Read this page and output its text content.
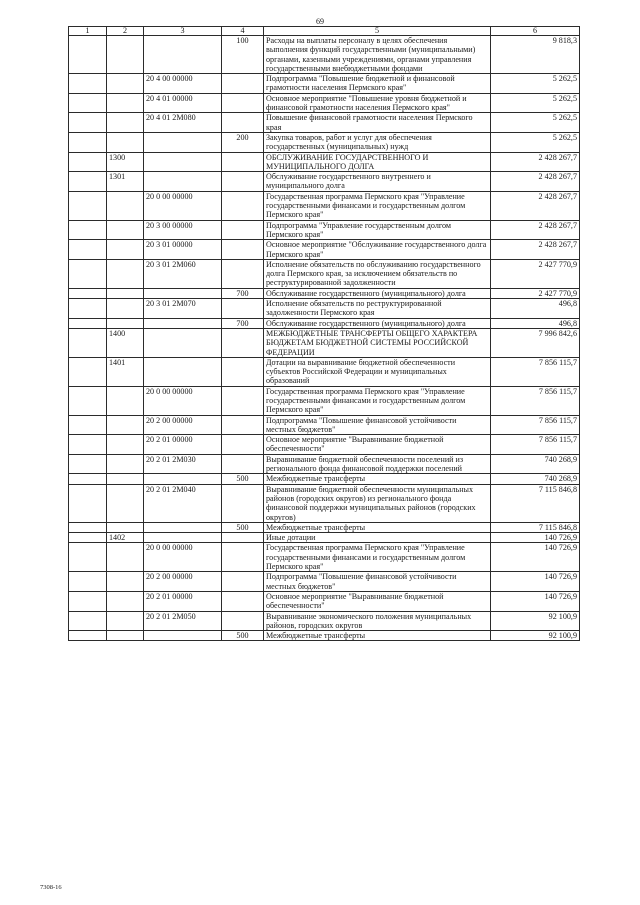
69
1	2	3	4	5	6
			100	Расходы на выплаты персоналу в целях обеспечения выполнения функций государственными (муниципальными) органами, казенными учреждениями, органами управления государственными внебюджетными фондами	9 818,3
		20 4 00 00000		Подпрограмма "Повышение бюджетной и финансовой грамотности населения Пермского края"	5 262,5
		20 4 01 00000		Основное мероприятие "Повышение уровня бюджетной и финансовой грамотности населения Пермского края"	5 262,5
		20 4 01 2М080		Повышение финансовой грамотности населения Пермского края	5 262,5
			200	Закупка товаров, работ и услуг для обеспечения государственных (муниципальных) нужд	5 262,5
	1300			ОБСЛУЖИВАНИЕ ГОСУДАРСТВЕННОГО И МУНИЦИПАЛЬНОГО ДОЛГА	2 428 267,7
	1301			Обслуживание государственного внутреннего и муниципального долга	2 428 267,7
		20 0 00 00000		Государственная программа Пермского края "Управление государственными финансами и государственным долгом Пермского края"	2 428 267,7
		20 3 00 00000		Подпрограмма "Управление государственным долгом Пермского края"	2 428 267,7
		20 3 01 00000		Основное мероприятие "Обслуживание государственного долга Пермского края"	2 428 267,7
		20 3 01 2М060		Исполнение обязательств по обслуживанию государственного долга Пермского края, за исключением обязательств по реструктурированной задолженности	2 427 770,9
			700	Обслуживание государственного (муниципального) долга	2 427 770,9
		20 3 01 2М070		Исполнение обязательств по реструктурированной задолженности Пермского края	496,8
			700	Обслуживание государственного (муниципального) долга	496,8
	1400			МЕЖБЮДЖЕТНЫЕ ТРАНСФЕРТЫ ОБЩЕГО ХАРАКТЕРА БЮДЖЕТАМ БЮДЖЕТНОЙ СИСТЕМЫ РОССИЙСКОЙ ФЕДЕРАЦИИ	7 996 842,6
	1401			Дотации на выравнивание бюджетной обеспеченности субъектов Российской Федерации и муниципальных образований	7 856 115,7
		20 0 00 00000		Государственная программа Пермского края "Управление государственными финансами и государственным долгом Пермского края"	7 856 115,7
		20 2 00 00000		Подпрограмма "Повышение финансовой устойчивости местных бюджетов"	7 856 115,7
		20 2 01 00000		Основное мероприятие "Выравнивание бюджетной обеспеченности"	7 856 115,7
		20 2 01 2М030		Выравнивание бюджетной обеспеченности поселений из регионального фонда финансовой поддержки поселений	740 268,9
			500	Межбюджетные трансферты	740 268,9
		20 2 01 2М040		Выравнивание бюджетной обеспеченности муниципальных районов (городских округов) из регионального фонда финансовой поддержки муниципальных районов (городских округов)	7 115 846,8
			500	Межбюджетные трансферты	7 115 846,8
	1402			Иные дотации	140 726,9
		20 0 00 00000		Государственная программа Пермского края "Управление государственными финансами и государственным долгом Пермского края"	140 726,9
		20 2 00 00000		Подпрограмма "Повышение финансовой устойчивости местных бюджетов"	140 726,9
		20 2 01 00000		Основное мероприятие "Выравнивание бюджетной обеспеченности"	140 726,9
		20 2 01 2М050		Выравнивание экономического положения муниципальных районов, городских округов	92 100,9
			500	Межбюджетные трансферты	92 100,9
7308-16
